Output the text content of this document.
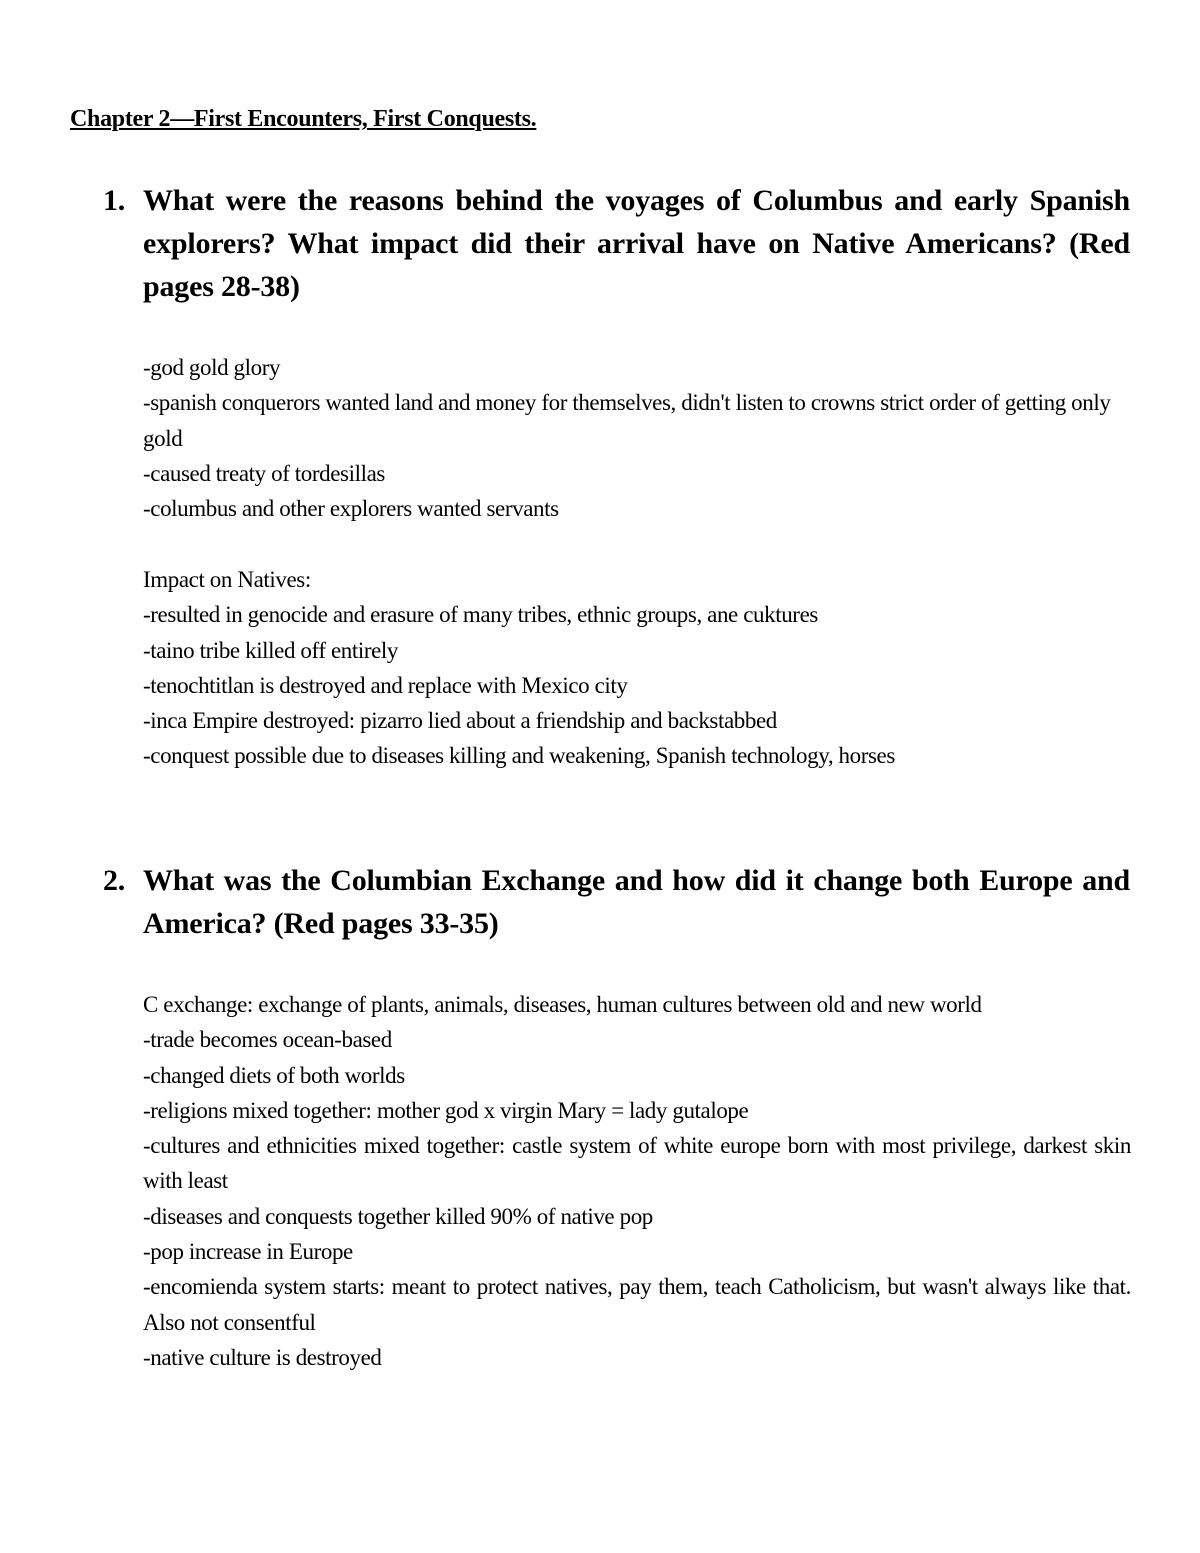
Chapter 2—First Encounters, First Conquests.
1. What were the reasons behind the voyages of Columbus and early Spanish explorers? What impact did their arrival have on Native Americans? (Red pages 28-38)
-god gold glory
-spanish conquerors wanted land and money for themselves, didn't listen to crowns strict order of getting only gold
-caused treaty of tordesillas
-columbus and other explorers wanted servants
Impact on Natives:
-resulted in genocide and erasure of many tribes, ethnic groups, ane cuktures
-taino tribe killed off entirely
-tenochtitlan is destroyed and replace with Mexico city
-inca Empire destroyed: pizarro lied about a friendship and backstabbed
-conquest possible due to diseases killing and weakening, Spanish technology, horses
2. What was the Columbian Exchange and how did it change both Europe and America? (Red pages 33-35)
C exchange: exchange of plants, animals, diseases, human cultures between old and new world
-trade becomes ocean-based
-changed diets of both worlds
-religions mixed together: mother god x virgin Mary = lady gutalope
-cultures and ethnicities mixed together: castle system of white europe born with most privilege, darkest skin with least
-diseases and conquests together killed 90% of native pop
-pop increase in Europe
-encomienda system starts: meant to protect natives, pay them, teach Catholicism, but wasn't always like that. Also not consentful
-native culture is destroyed
